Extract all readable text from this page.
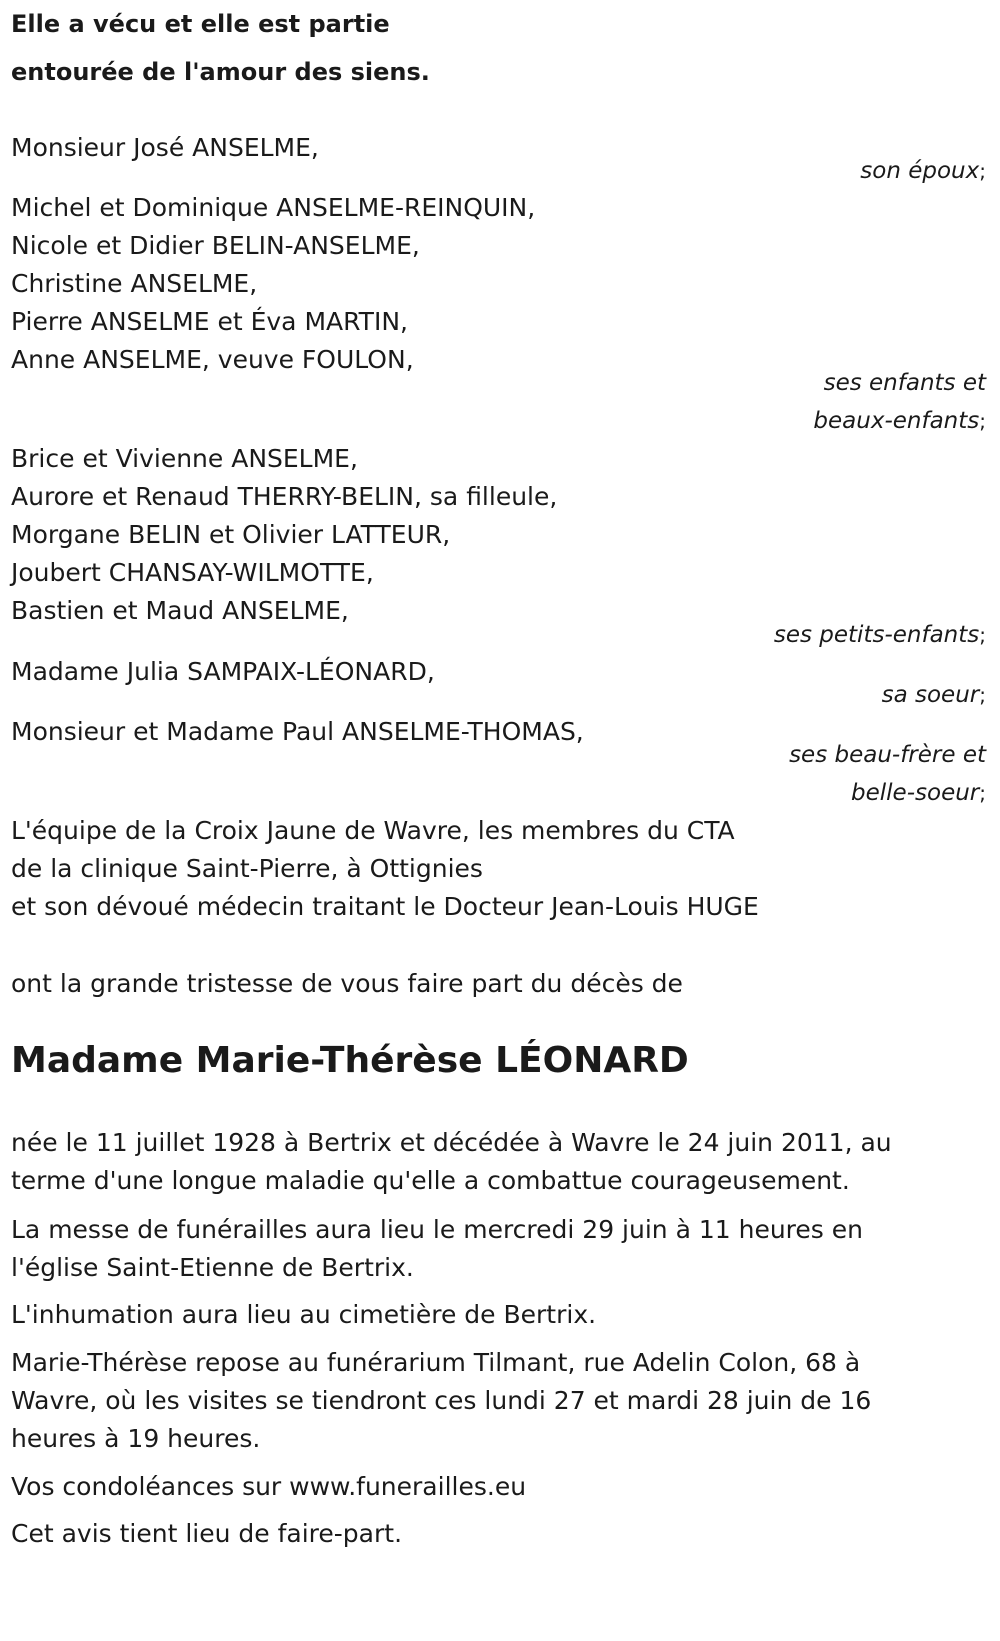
Elle a vécu et elle est partie
entourée de l'amour des siens.
Monsieur José ANSELME,
son époux;
Michel et Dominique ANSELME-REINQUIN,
Nicole et Didier BELIN-ANSELME,
Christine ANSELME,
Pierre ANSELME et Éva MARTIN,
Anne ANSELME, veuve FOULON,
ses enfants et
beaux-enfants;
Brice et Vivienne ANSELME,
Aurore et Renaud THERRY-BELIN, sa filleule,
Morgane BELIN et Olivier LATTEUR,
Joubert CHANSAY-WILMOTTE,
Bastien et Maud ANSELME,
ses petits-enfants;
Madame Julia SAMPAIX-LÉONARD,
sa soeur;
Monsieur et Madame Paul ANSELME-THOMAS,
ses beau-frère et
belle-soeur;
L'équipe de la Croix Jaune de Wavre, les membres du CTA
de la clinique Saint-Pierre, à Ottignies
et son dévoué médecin traitant le Docteur Jean-Louis HUGE
ont la grande tristesse de vous faire part du décès de
Madame Marie-Thérèse LÉONARD
née le 11 juillet 1928 à Bertrix et décédée à Wavre le 24 juin 2011, au
terme d'une longue maladie qu'elle a combattue courageusement.
La messe de funérailles aura lieu le mercredi 29 juin à 11 heures en
l'église Saint-Etienne de Bertrix.
L'inhumation aura lieu au cimetière de Bertrix.
Marie-Thérèse repose au funérarium Tilmant, rue Adelin Colon, 68 à
Wavre, où les visites se tiendront ces lundi 27 et mardi 28 juin de 16
heures à 19 heures.
Vos condoléances sur www.funerailles.eu
Cet avis tient lieu de faire-part.
